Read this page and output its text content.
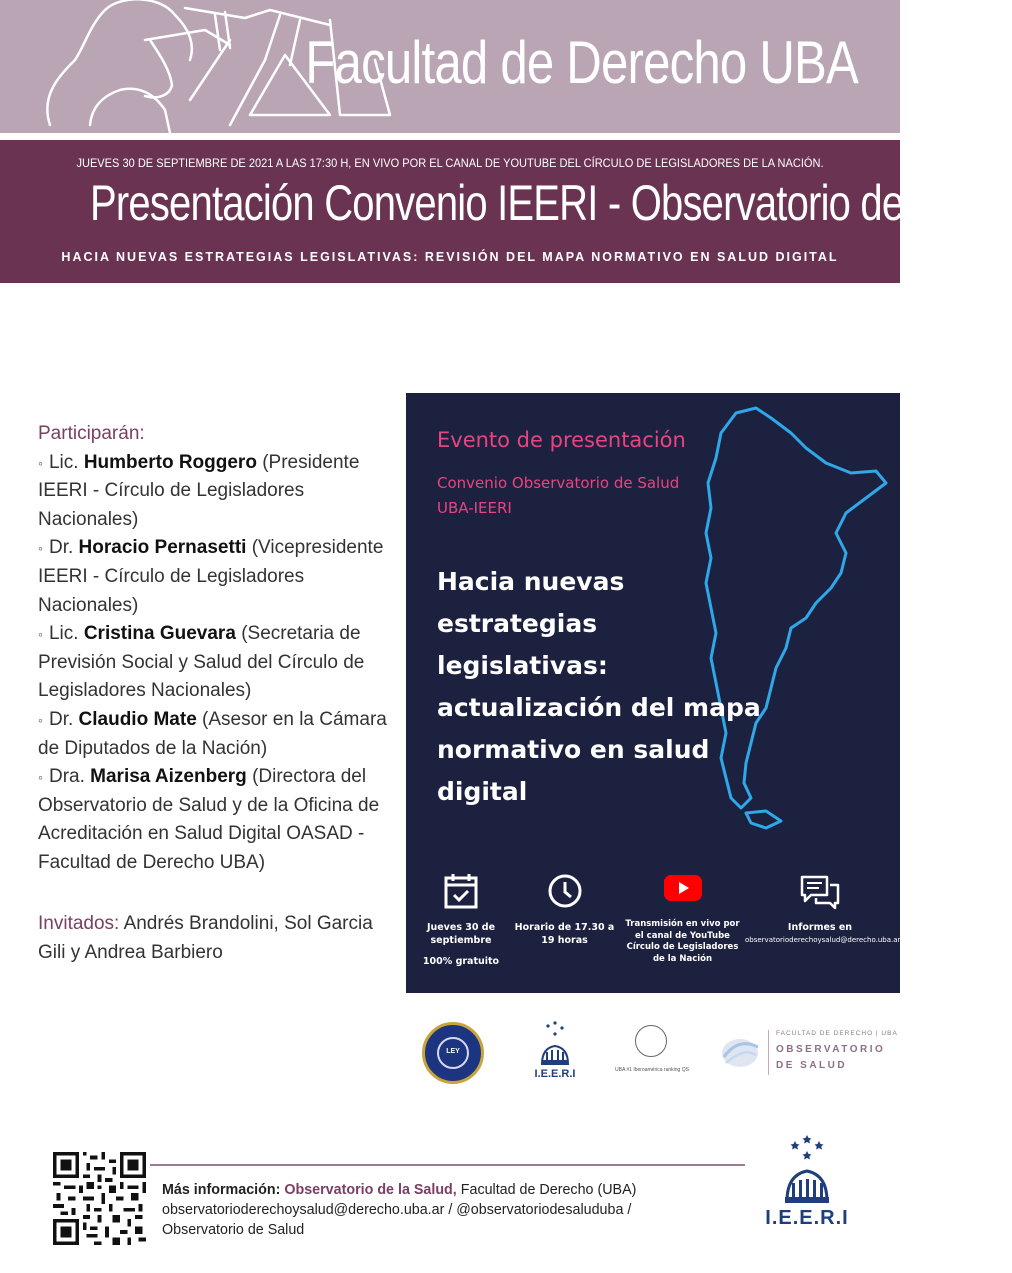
Facultad de Derecho UBA
JUEVES 30 DE SEPTIEMBRE DE 2021 A LAS 17:30 H, EN VIVO POR EL CANAL DE YOUTUBE DEL CÍRCULO DE LEGISLADORES DE LA NACIÓN.
Presentación Convenio IEERI - Observatorio de Salud
HACIA NUEVAS ESTRATEGIAS LEGISLATIVAS: REVISIÓN DEL MAPA NORMATIVO EN SALUD DIGITAL
Participarán:
◦ Lic. Humberto Roggero (Presidente IEERI - Círculo de Legisladores Nacionales)
◦ Dr. Horacio Pernasetti (Vicepresidente IEERI - Círculo de Legisladores Nacionales)
◦ Lic. Cristina Guevara (Secretaria de Previsión Social y Salud del Círculo de Legisladores Nacionales)
◦ Dr. Claudio Mate (Asesor en la Cámara de Diputados de la Nación)
◦ Dra. Marisa Aizenberg (Directora del Observatorio de Salud y de la Oficina de Acreditación en Salud Digital OASAD - Facultad de Derecho UBA)
Invitados: Andrés Brandolini, Sol Garcia Gili y Andrea Barbiero
Evento de presentación
Convenio Observatorio de Salud UBA-IEERI
Hacia nuevas estrategias legislativas: actualización del mapa normativo en salud digital
Jueves 30 de
septiembre
100% gratuito
Horario de 17.30 a
19 horas
Transmisión en vivo por
el canal de YouTube
Círculo de Legisladores
de la Nación
Informes en
observatorioderechoysalud@derecho.uba.ar
LEY
I.E.E.R.I	UBA #1 Iberoamérica ranking QS
FACULTAD DE DERECHO | UBA
OBSERVATORIO
DE SALUD
Más información: Observatorio de la Salud, Facultad de Derecho (UBA)
observatorioderechoysalud@derecho.uba.ar / @observatoriodesaluduba /
Observatorio de Salud
I.E.E.R.I
